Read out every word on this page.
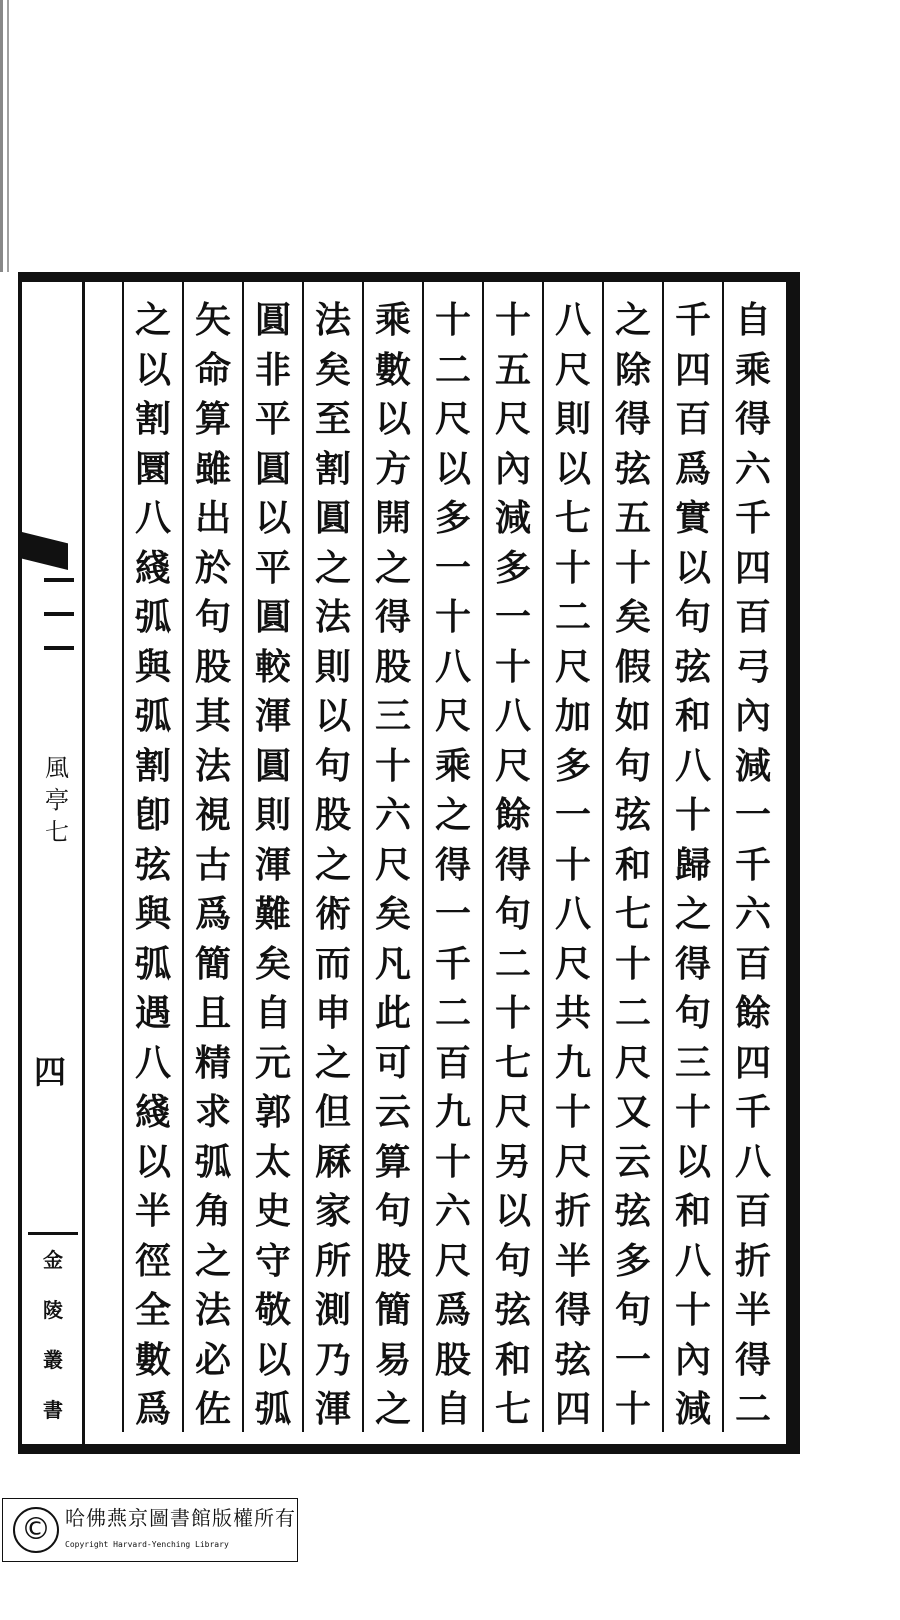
風亭七
四
金
陵
叢
書
自
乘
得
六
千
四
百
弓
內
減
一
千
六
百
餘
四
千
八
百
折
半
得
二
千
四
百
爲
實
以
句
弦
和
八
十
歸
之
得
句
三
十
以
和
八
十
內
減
之
除
得
弦
五
十
矣
假
如
句
弦
和
七
十
二
尺
又
云
弦
多
句
一
十
八
尺
則
以
七
十
二
尺
加
多
一
十
八
尺
共
九
十
尺
折
半
得
弦
四
十
五
尺
內
減
多
一
十
八
尺
餘
得
句
二
十
七
尺
另
以
句
弦
和
七
十
二
尺
以
多
一
十
八
尺
乘
之
得
一
千
二
百
九
十
六
尺
爲
股
自
乘
數
以
方
開
之
得
股
三
十
六
尺
矣
凡
此
可
云
算
句
股
簡
易
之
法
矣
至
割
圓
之
法
則
以
句
股
之
術
而
申
之
但
厤
家
所
測
乃
渾
圓
非
平
圓
以
平
圓
較
渾
圓
則
渾
難
矣
自
元
郭
太
史
守
敬
以
弧
矢
命
算
雖
出
於
句
股
其
法
視
古
爲
簡
且
精
求
弧
角
之
法
必
佐
之
以
割
圜
八
綫
弧
與
弧
割
卽
弦
與
弧
遇
八
綫
以
半
徑
全
數
爲
© 哈佛燕京圖書館版權所有
Copyright Harvard-Yenching Library
